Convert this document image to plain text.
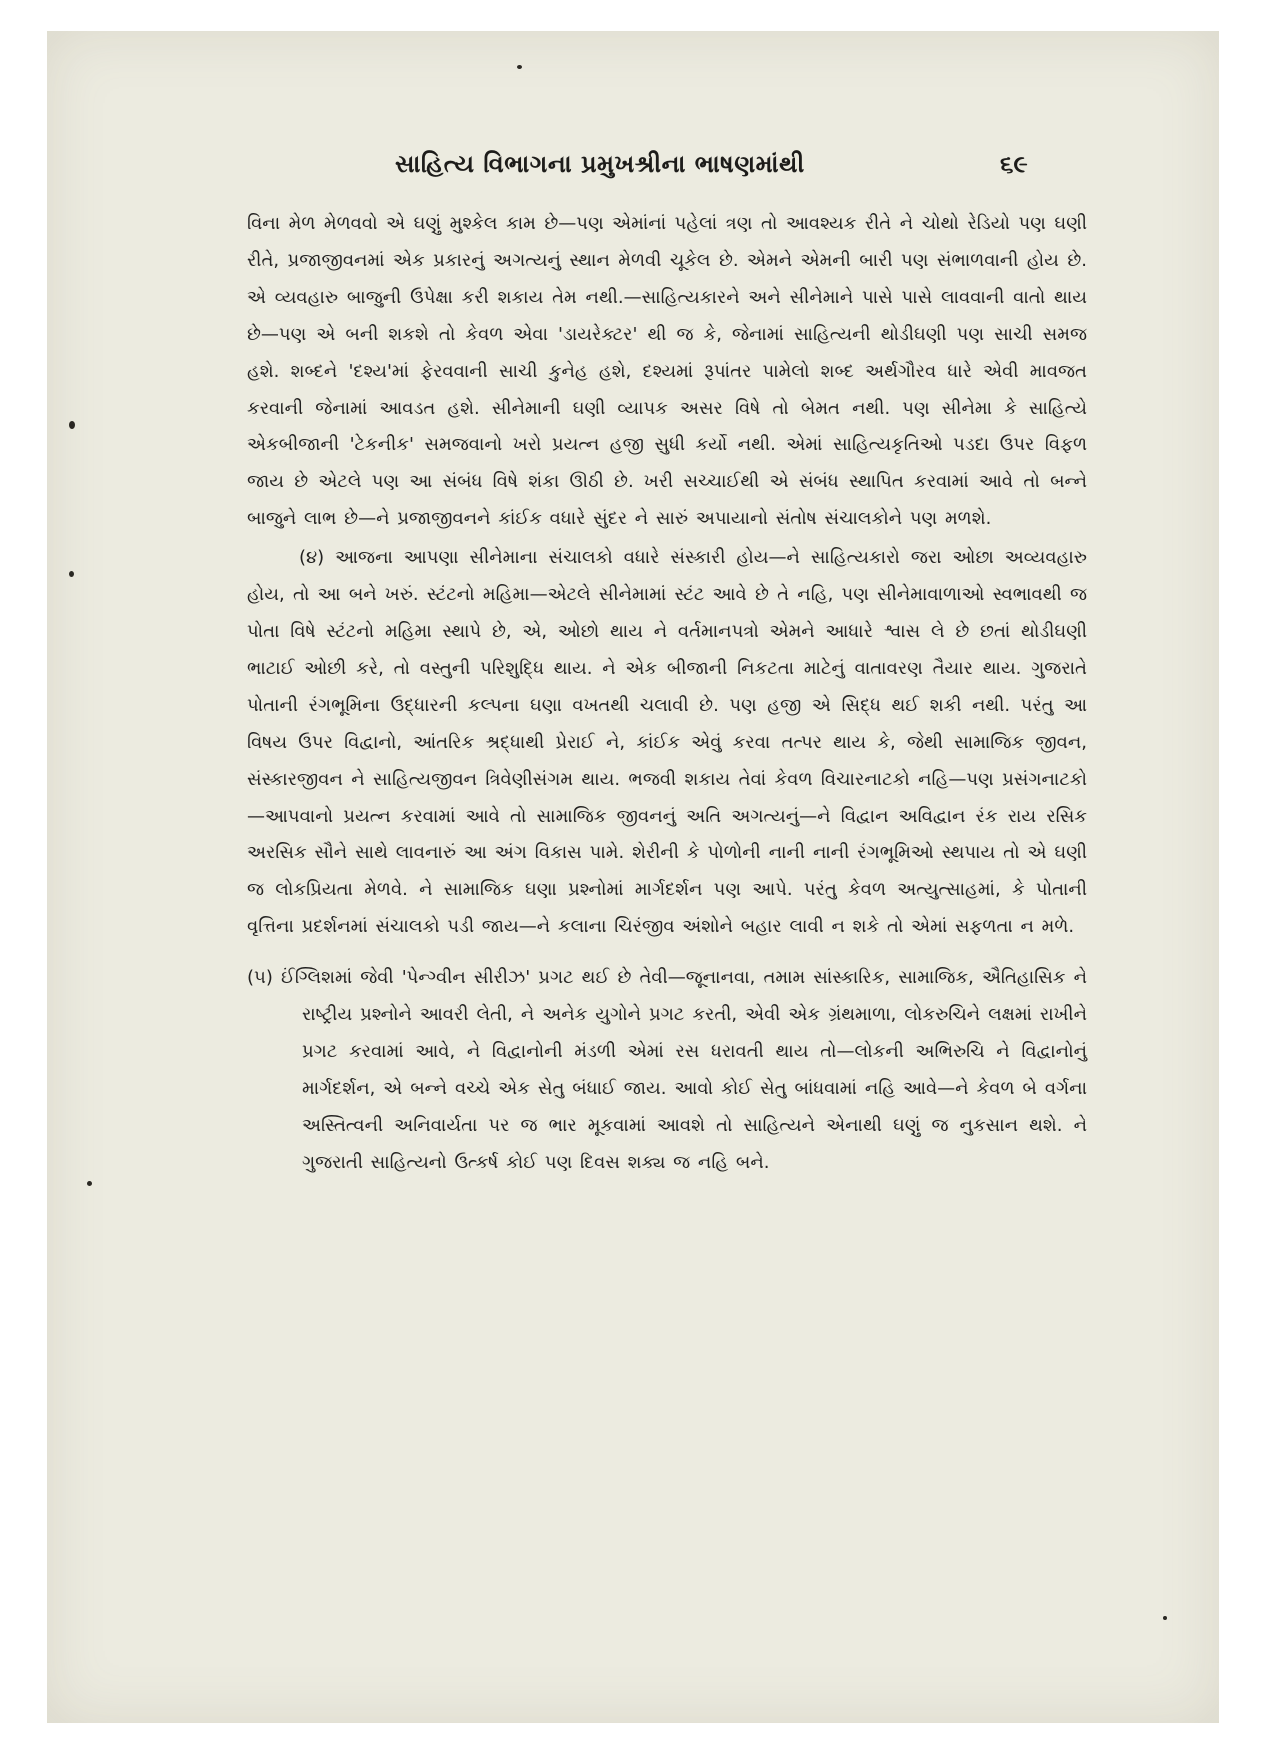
સાહિત્ય વિભાગના પ્રમુખશ્રીના ભાષણમાંથી	૬૯

વિના મેળ મેળવવો એ ઘણું મુશ્કેલ કામ છે—પણ એમાંનાં પહેલાં ત્રણ તો આવશ્યક રીતે ને ચોથો રેડિયો પણ ઘણી રીતે, પ્રજાજીવનમાં એક પ્રકારનું અગત્યનું સ્થાન મેળવી ચૂકેલ છે. એમને એમની બારી પણ સંભાળવાની હોય છે. એ વ્યવહારુ બાજુની ઉપેક્ષા કરી શકાય તેમ નથી.—સાહિત્યકારને અને સીનેમાને પાસે પાસે લાવવાની વાતો થાય છે—પણ એ બની શકશે તો કેવળ એવા 'ડાયરેક્ટર' થી જ કે, જેનામાં સાહિત્યની થોડીઘણી પણ સાચી સમજ હશે. શબ્દને 'દશ્ય'માં ફેરવવાની સાચી કુનેહ હશે, દશ્યમાં રૂપાંતર પામેલો શબ્દ અર્થગૌરવ ધારે એવી માવજત કરવાની જેનામાં આવડત હશે. સીનેમાની ઘણી વ્યાપક અસર વિષે તો બેમત નથી. પણ સીનેમા કે સાહિત્યે એકબીજાની 'ટેકનીક' સમજવાનો ખરો પ્રયત્ન હજી સુધી કર્યો નથી. એમાં સાહિત્યકૃતિઓ પડદા ઉપર વિફળ જાય છે એટલે પણ આ સંબંધ વિષે શંકા ઊઠી છે. ખરી સચ્ચાઈથી એ સંબંધ સ્થાપિત કરવામાં આવે તો બન્ને બાજુને લાભ છે—ને પ્રજાજીવનને કાંઈક વધારે સુંદર ને સારું અપાયાનો સંતોષ સંચાલકોને પણ મળશે.

(૪) આજના આપણા સીનેમાના સંચાલકો વધારે સંસ્કારી હોય—ને સાહિત્યકારો જરા ઓછા અવ્યવહારુ હોય, તો આ બને ખરું. સ્ટંટનો મહિમા—એટલે સીનેમામાં સ્ટંટ આવે છે તે નહિ, પણ સીનેમાવાળાઓ સ્વભાવથી જ પોતા વિષે સ્ટંટનો મહિમા સ્થાપે છે, એ, ઓછો થાય ને વર્તમાનપત્રો એમને આધારે શ્વાસ લે છે છતાં થોડીઘણી ભાટાઈ ઓછી કરે, તો વસ્તુની પરિશુદ્ધિ થાય. ને એક બીજાની નિકટતા માટેનું વાતાવરણ તૈયાર થાય. ગુજરાતે પોતાની રંગભૂમિના ઉદ્ધારની કલ્પના ઘણા વખતથી ચલાવી છે. પણ હજી એ સિદ્ધ થઈ શકી નથી. પરંતુ આ વિષય ઉપર વિદ્વાનો, આંતરિક શ્રદ્ધાથી પ્રેરાઈ ને, કાંઈક એવું કરવા તત્પર થાય કે, જેથી સામાજિક જીવન, સંસ્કારજીવન ને સાહિત્યજીવન ત્રિવેણીસંગમ થાય. ભજવી શકાય તેવાં કેવળ વિચારનાટકો નહિ—પણ પ્રસંગનાટકો—આપવાનો પ્રયત્ન કરવામાં આવે તો સામાજિક જીવનનું અતિ અગત્યનું—ને વિદ્વાન અવિદ્વાન રંક રાય રસિક અરસિક સૌને સાથે લાવનારું આ અંગ વિકાસ પામે. શેરીની કે પોળોની નાની નાની રંગભૂમિઓ સ્થપાય તો એ ઘણી જ લોકપ્રિયતા મેળવે. ને સામાજિક ઘણા પ્રશ્નોમાં માર્ગદર્શન પણ આપે. પરંતુ કેવળ અત્યુત્સાહમાં, કે પોતાની વૃત્તિના પ્રદર્શનમાં સંચાલકો પડી જાય—ને કલાના ચિરંજીવ અંશોને બહાર લાવી ન શકે તો એમાં સફળતા ન મળે.

(૫) ઈંગ્લિશમાં જેવી 'પેન્ગ્વીન સીરીઝ' પ્રગટ થઈ છે તેવી—જૂનાનવા, તમામ સાંસ્કારિક, સામાજિક, ઐતિહાસિક ને રાષ્ટ્રીય પ્રશ્નોને આવરી લેતી, ને અનેક યુગોને પ્રગટ કરતી, એવી એક ગ્રંથમાળા, લોકરુચિને લક્ષમાં રાખીને પ્રગટ કરવામાં આવે, ને વિદ્વાનોની મંડળી એમાં રસ ધરાવતી થાય તો—લોકની અભિરુચિ ને વિદ્વાનોનું માર્ગદર્શન, એ બન્ને વચ્ચે એક સેતુ બંધાઈ જાય. આવો કોઈ સેતુ બાંધવામાં નહિ આવે—ને કેવળ બે વર્ગના અસ્તિત્વની અનિવાર્યતા પર જ ભાર મૂકવામાં આવશે તો સાહિત્યને એનાથી ઘણું જ નુકસાન થશે. ને ગુજરાતી સાહિત્યનો ઉત્કર્ષ કોઈ પણ દિવસ શક્ય જ નહિ બને.
